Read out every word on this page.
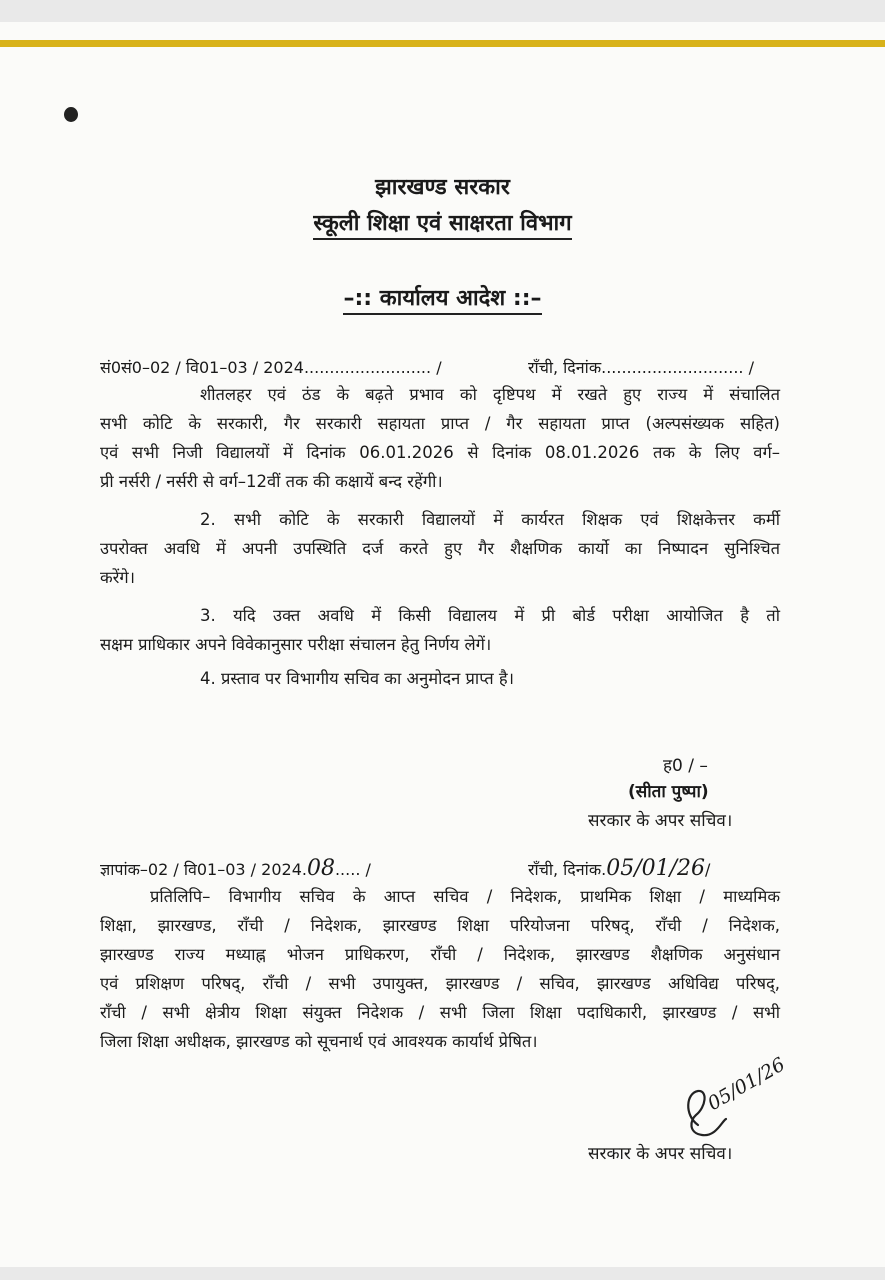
झारखण्ड सरकार
स्कूली शिक्षा एवं साक्षरता विभाग
–:: कार्यालय आदेश ::–
सं0सं0–02 / वि01–03 / 2024......................... /	राँची, दिनांक............................ /
शीतलहर एवं ठंड के बढ़ते प्रभाव को दृष्टिपथ में रखते हुए राज्य में संचालित
सभी कोटि के सरकारी, गैर सरकारी सहायता प्राप्त / गैर सहायता प्राप्त (अल्पसंख्यक सहित)
एवं सभी निजी विद्यालयों में दिनांक 06.01.2026 से दिनांक 08.01.2026 तक के लिए वर्ग–
प्री नर्सरी / नर्सरी से वर्ग–12वीं तक की कक्षायें बन्द रहेंगी।
2. सभी कोटि के सरकारी विद्यालयों में कार्यरत शिक्षक एवं शिक्षकेत्तर कर्मी
उपरोक्त अवधि में अपनी उपस्थिति दर्ज करते हुए गैर शैक्षणिक कार्यो का निष्पादन सुनिश्चित
करेंगे।
3. यदि उक्त अवधि में किसी विद्यालय में प्री बोर्ड परीक्षा आयोजित है तो
सक्षम प्राधिकार अपने विवेकानुसार परीक्षा संचालन हेतु निर्णय लेगें।
4. प्रस्ताव पर विभागीय सचिव का अनुमोदन प्राप्त है।
ह0 / –
(सीता पुष्पा)
सरकार के अपर सचिव।
ज्ञापांक–02 / वि01–03 / 2024.08..... /	राँची, दिनांक.05/01/26/
प्रतिलिपि– विभागीय सचिव के आप्त सचिव / निदेशक, प्राथमिक शिक्षा / माध्यमिक
शिक्षा, झारखण्ड, राँची / निदेशक, झारखण्ड शिक्षा परियोजना परिषद्, राँची / निदेशक,
झारखण्ड राज्य मध्याह्न भोजन प्राधिकरण, राँची / निदेशक, झारखण्ड शैक्षणिक अनुसंधान
एवं प्रशिक्षण परिषद्, राँची / सभी उपायुक्त, झारखण्ड / सचिव, झारखण्ड अधिविद्य परिषद्,
राँची / सभी क्षेत्रीय शिक्षा संयुक्त निदेशक / सभी जिला शिक्षा पदाधिकारी, झारखण्ड / सभी
जिला शिक्षा अधीक्षक, झारखण्ड को सूचनार्थ एवं आवश्यक कार्यार्थ प्रेषित।
05/01/26
सरकार के अपर सचिव।
